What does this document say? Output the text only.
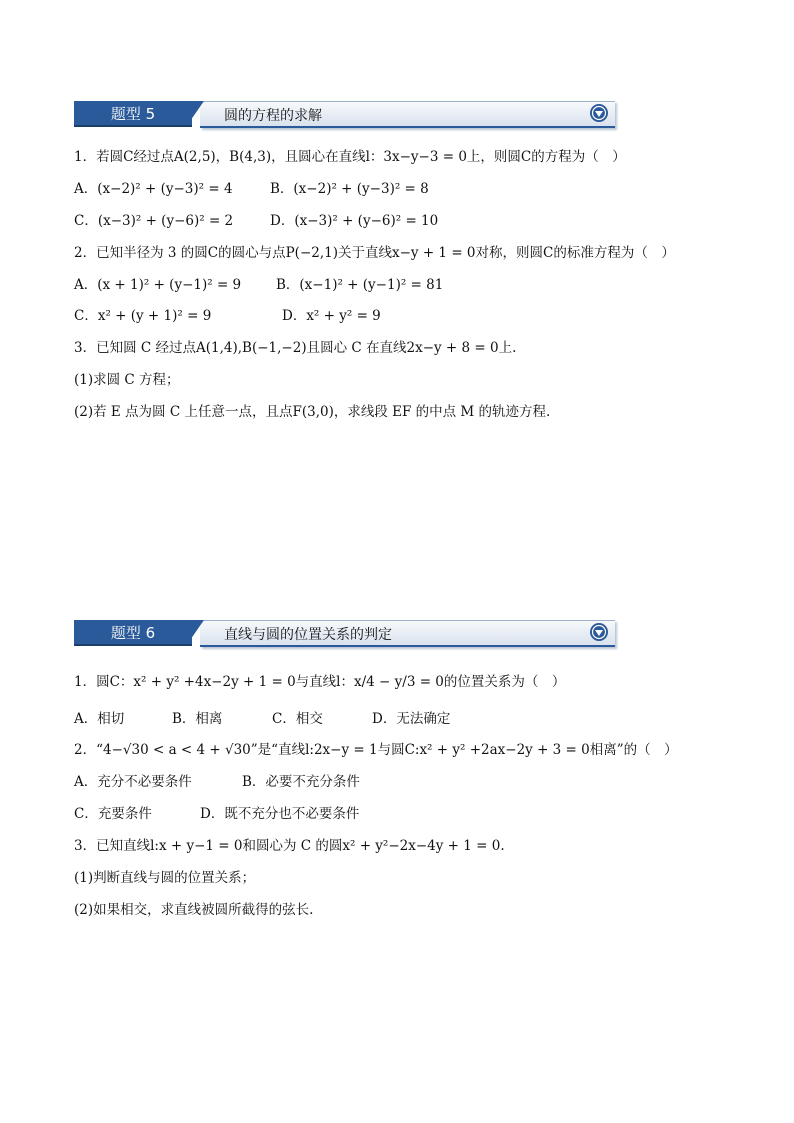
题型 5	圆的方程的求解
1．若圆C经过点A(2,5)，B(4,3)，且圆心在直线l：3x−y−3 = 0上，则圆C的方程为（　）
A．(x−2)² + (y−3)² = 4	B．(x−2)² + (y−3)² = 8
C．(x−3)² + (y−6)² = 2	D．(x−3)² + (y−6)² = 10
2．已知半径为 3 的圆C的圆心与点P(−2,1)关于直线x−y + 1 = 0对称，则圆C的标准方程为（　）
A．(x + 1)² + (y−1)² = 9	B．(x−1)² + (y−1)² = 81
C．x² + (y + 1)² = 9	D．x² + y² = 9
3．已知圆 C 经过点A(1,4),B(−1,−2)且圆心 C 在直线2x−y + 8 = 0上.
(1)求圆 C 方程；
(2)若 E 点为圆 C 上任意一点，且点F(3,0)，求线段 EF 的中点 M 的轨迹方程.
题型 6	直线与圆的位置关系的判定
1．圆C：x² + y² +4x−2y + 1 = 0与直线l：x/4 − y/3 = 0的位置关系为（　）
A．相切	B．相离	C．相交	D．无法确定
2．“4−√30 < a < 4 + √30”是“直线l:2x−y = 1与圆C:x² + y² +2ax−2y + 3 = 0相离”的（　）
A．充分不必要条件	B．必要不充分条件
C．充要条件	D．既不充分也不必要条件
3．已知直线l:x + y−1 = 0和圆心为 C 的圆x² + y²−2x−4y + 1 = 0.
(1)判断直线与圆的位置关系；
(2)如果相交，求直线被圆所截得的弦长.
